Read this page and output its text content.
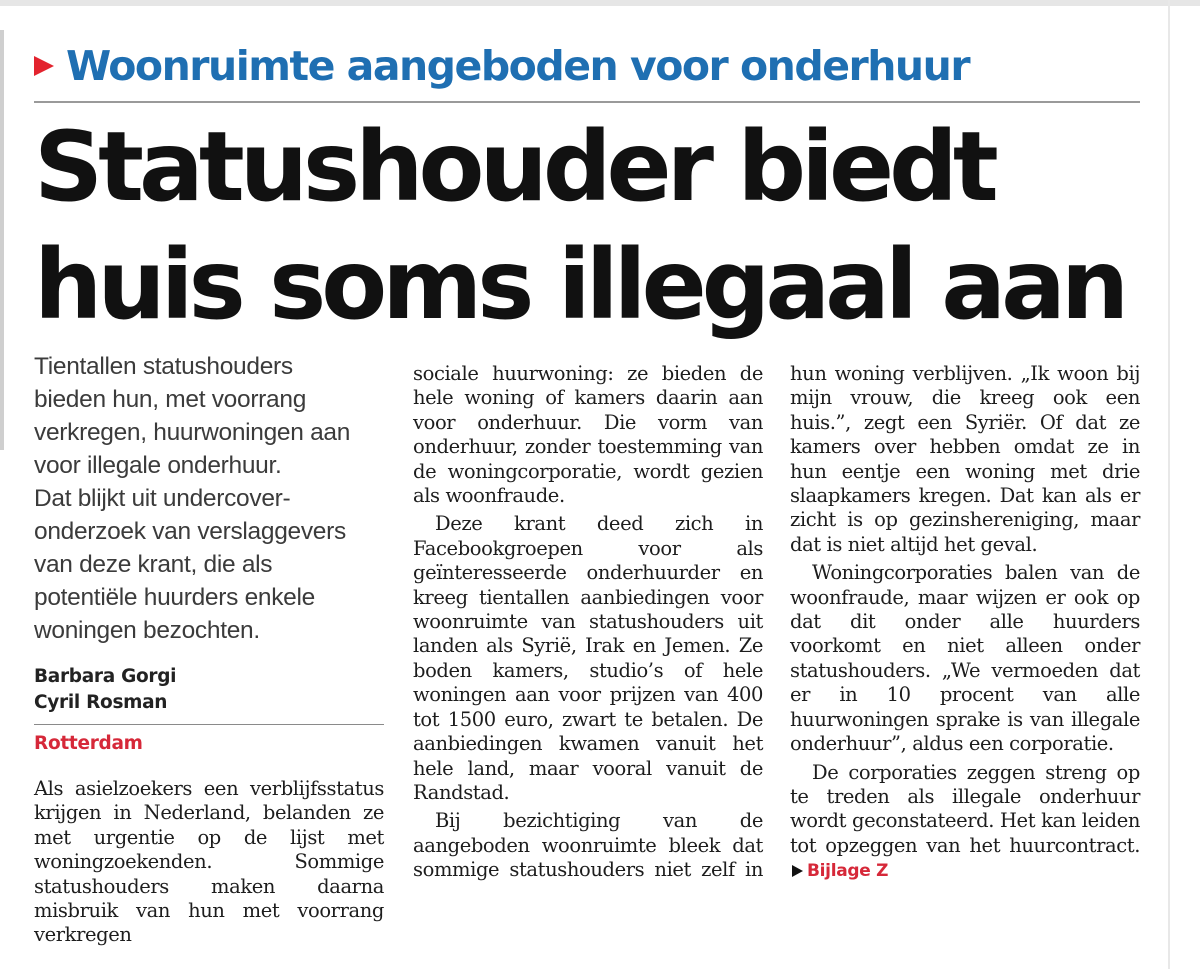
Woonruimte aangeboden voor onderhuur
Statushouder biedt
huis soms illegaal aan
Tientallen statushouders
bieden hun, met voorrang
verkregen, huurwoningen aan
voor illegale onderhuur.
Dat blijkt uit undercover-
onderzoek van verslaggevers
van deze krant, die als
potentiële huurders enkele
woningen bezochten.
Barbara Gorgi
Cyril Rosman
Rotterdam

Als asielzoekers een verblijfsstatus krijgen in Nederland, belanden ze met urgentie op de lijst met woningzoekenden. Sommige statushouders maken daarna misbruik van hun met voorrang verkregen

sociale huurwoning: ze bieden de hele woning of kamers daarin aan voor onderhuur. Die vorm van onderhuur, zonder toestemming van de woningcorporatie, wordt gezien als woonfraude.

Deze krant deed zich in Facebookgroepen voor als geïnteresseerde onderhuurder en kreeg tientallen aanbiedingen voor woonruimte van statushouders uit landen als Syrië, Irak en Jemen. Ze boden kamers, studio’s of hele woningen aan voor prijzen van 400 tot 1500 euro, zwart te betalen. De aanbiedingen kwamen vanuit het hele land, maar vooral vanuit de Randstad.

Bij bezichtiging van de aangeboden woonruimte bleek dat sommige statushouders niet zelf in

hun woning verblijven. „Ik woon bij mijn vrouw, die kreeg ook een huis.”, zegt een Syriër. Of dat ze kamers over hebben omdat ze in hun eentje een woning met drie slaapkamers kregen. Dat kan als er zicht is op gezinshereniging, maar dat is niet altijd het geval.

Woningcorporaties balen van de woonfraude, maar wijzen er ook op dat dit onder alle huurders voorkomt en niet alleen onder statushouders. „We vermoeden dat er in 10 procent van alle huurwoningen sprake is van illegale onderhuur”, aldus een corporatie.

De corporaties zeggen streng op te treden als illegale onderhuur wordt geconstateerd. Het kan leiden tot opzeggen van het huurcontract. Bijlage Z
